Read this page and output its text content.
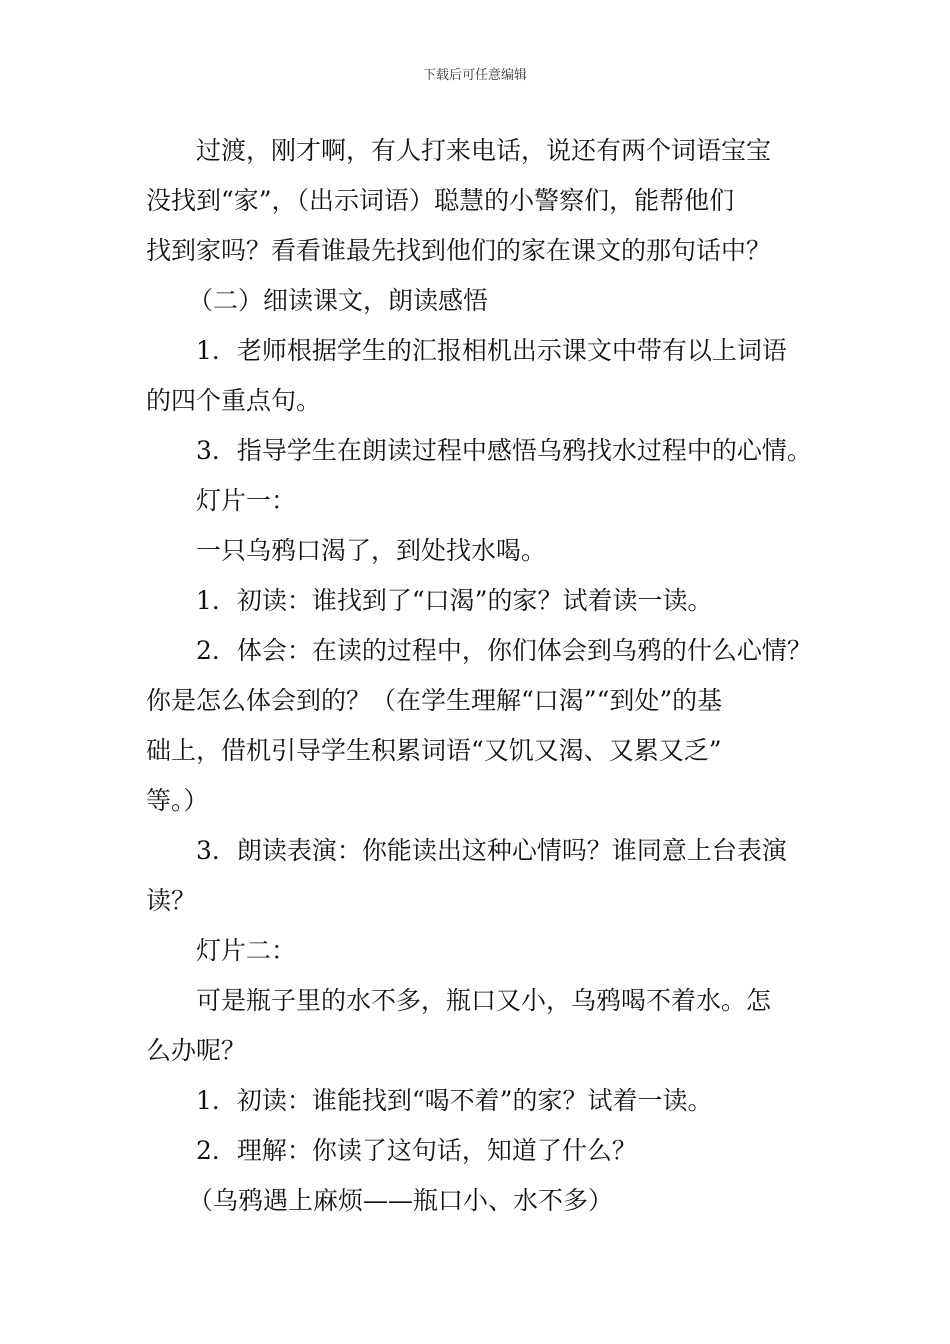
下载后可任意编辑
过渡，刚才啊，有人打来电话，说还有两个词语宝宝
没找到“家”，（出示词语）聪慧的小警察们，能帮他们
找到家吗？看看谁最先找到他们的家在课文的那句话中？
（二）细读课文，朗读感悟
1．老师根据学生的汇报相机出示课文中带有以上词语
的四个重点句。
3．指导学生在朗读过程中感悟乌鸦找水过程中的心情。
灯片一：
一只乌鸦口渴了，到处找水喝。
1．初读：谁找到了“口渴”的家？试着读一读。
2．体会：在读的过程中，你们体会到乌鸦的什么心情？
你是怎么体会到的？（在学生理解“口渴”“到处”的基
础上，借机引导学生积累词语“又饥又渴、又累又乏”
等。）
3．朗读表演：你能读出这种心情吗？谁同意上台表演
读？
灯片二：
可是瓶子里的水不多，瓶口又小，乌鸦喝不着水。怎
么办呢？
1．初读：谁能找到“喝不着”的家？试着一读。
2．理解：你读了这句话，知道了什么？
（乌鸦遇上麻烦——瓶口小、水不多）
